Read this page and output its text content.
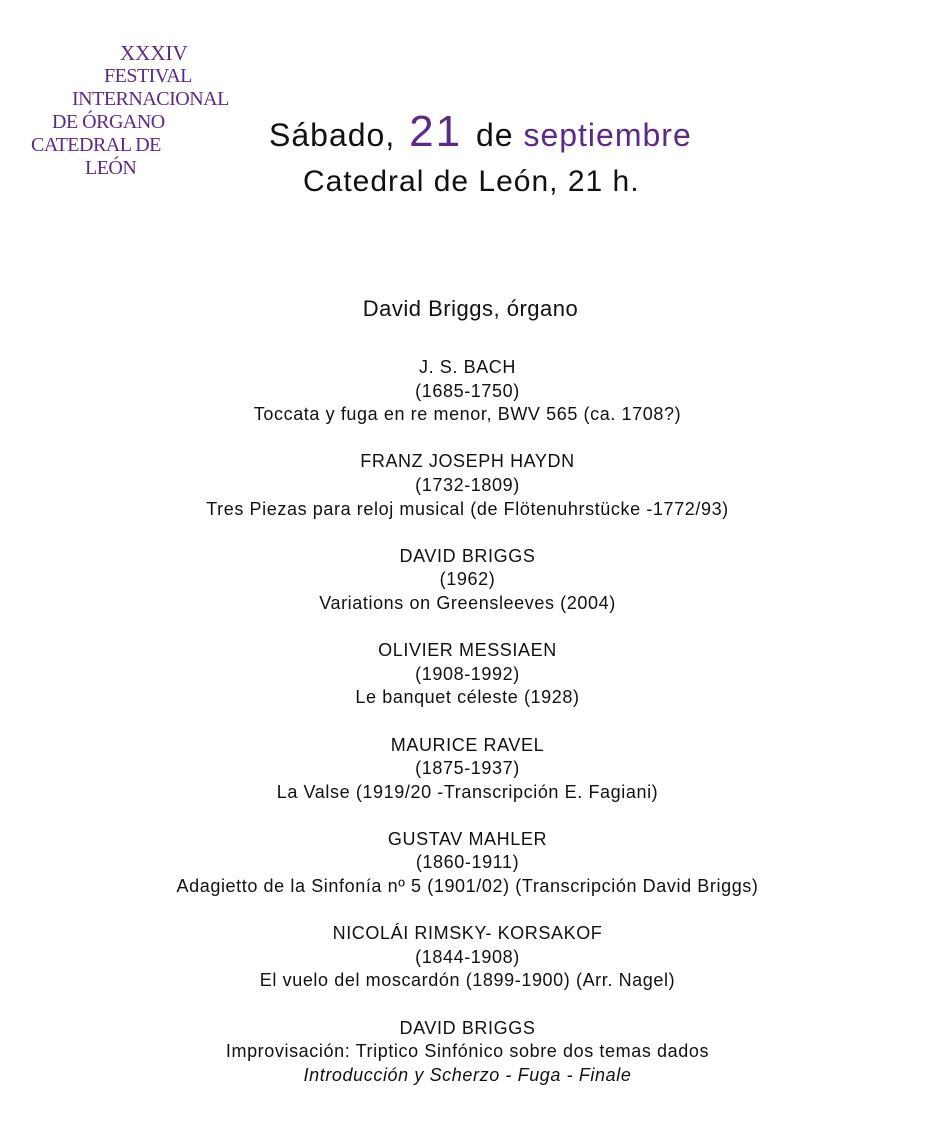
XXXIV
FESTIVAL
INTERNACIONAL
DE ÓRGANO
CATEDRAL DE
LEÓN
Sábado, 21 de septiembre
Catedral de León, 21 h.
David Briggs, órgano
J. S. BACH
(1685-1750)
Toccata y fuga en re menor, BWV 565 (ca. 1708?)
FRANZ JOSEPH HAYDN
(1732-1809)
Tres Piezas para reloj musical (de Flötenuhrstücke -1772/93)
DAVID BRIGGS
(1962)
Variations on Greensleeves (2004)
OLIVIER MESSIAEN
(1908-1992)
Le banquet céleste (1928)
MAURICE RAVEL
(1875-1937)
La Valse (1919/20 -Transcripción E. Fagiani)
GUSTAV MAHLER
(1860-1911)
Adagietto de la Sinfonía nº 5 (1901/02) (Transcripción David Briggs)
NICOLÁI RIMSKY- KORSAKOF
(1844-1908)
El vuelo del moscardón (1899-1900) (Arr. Nagel)
DAVID BRIGGS
Improvisación: Triptico Sinfónico sobre dos temas dados
Introducción y Scherzo - Fuga - Finale
